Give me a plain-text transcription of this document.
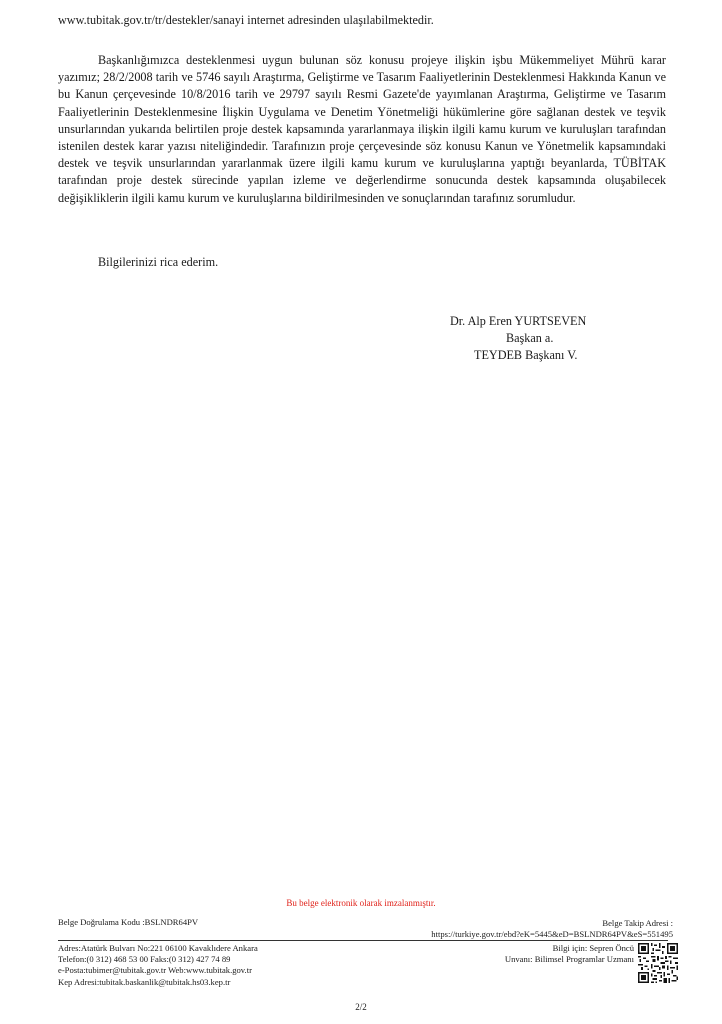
www.tubitak.gov.tr/tr/destekler/sanayi internet adresinden ulaşılabilmektedir.
Başkanlığımızca desteklenmesi uygun bulunan söz konusu projeye ilişkin işbu Mükemmeliyet Mührü karar yazımız; 28/2/2008 tarih ve 5746 sayılı Araştırma, Geliştirme ve Tasarım Faaliyetlerinin Desteklenmesi Hakkında Kanun ve bu Kanun çerçevesinde 10/8/2016 tarih ve 29797 sayılı Resmi Gazete'de yayımlanan Araştırma, Geliştirme ve Tasarım Faaliyetlerinin Desteklenmesine İlişkin Uygulama ve Denetim Yönetmeliği hükümlerine göre sağlanan destek ve teşvik unsurlarından yukarıda belirtilen proje destek kapsamında yararlanmaya ilişkin ilgili kamu kurum ve kuruluşları tarafından istenilen destek karar yazısı niteliğindedir. Tarafınızın proje çerçevesinde söz konusu Kanun ve Yönetmelik kapsamındaki destek ve teşvik unsurlarından yararlanmak üzere ilgili kamu kurum ve kuruluşlarına yaptığı beyanlarda, TÜBİTAK tarafından proje destek sürecinde yapılan izleme ve değerlendirme sonucunda destek kapsamında oluşabilecek değişikliklerin ilgili kamu kurum ve kuruluşlarına bildirilmesinden ve sonuçlarından tarafınız sorumludur.
Bilgilerinizi rica ederim.
Dr. Alp Eren YURTSEVEN
Başkan a.
TEYDEB Başkanı V.
Bu belge elektronik olarak imzalanmıştır.
Belge Doğrulama Kodu :BSLNDR64PV	Belge Takip Adresi :
https://turkiye.gov.tr/ebd?eK=5445&eD=BSLNDR64PV&eS=551495
Adres:Atatürk Bulvarı No:221 06100 Kavaklıdere Ankara
Telefon:(0 312) 468 53 00 Faks:(0 312) 427 74 89
e-Posta:tubimer@tubitak.gov.tr Web:www.tubitak.gov.tr
Kep Adresi:tubitak.baskanlik@tubitak.hs03.kep.tr
Bilgi için: Sepren Öncü
Unvanı: Bilimsel Programlar Uzmanı
2/2
